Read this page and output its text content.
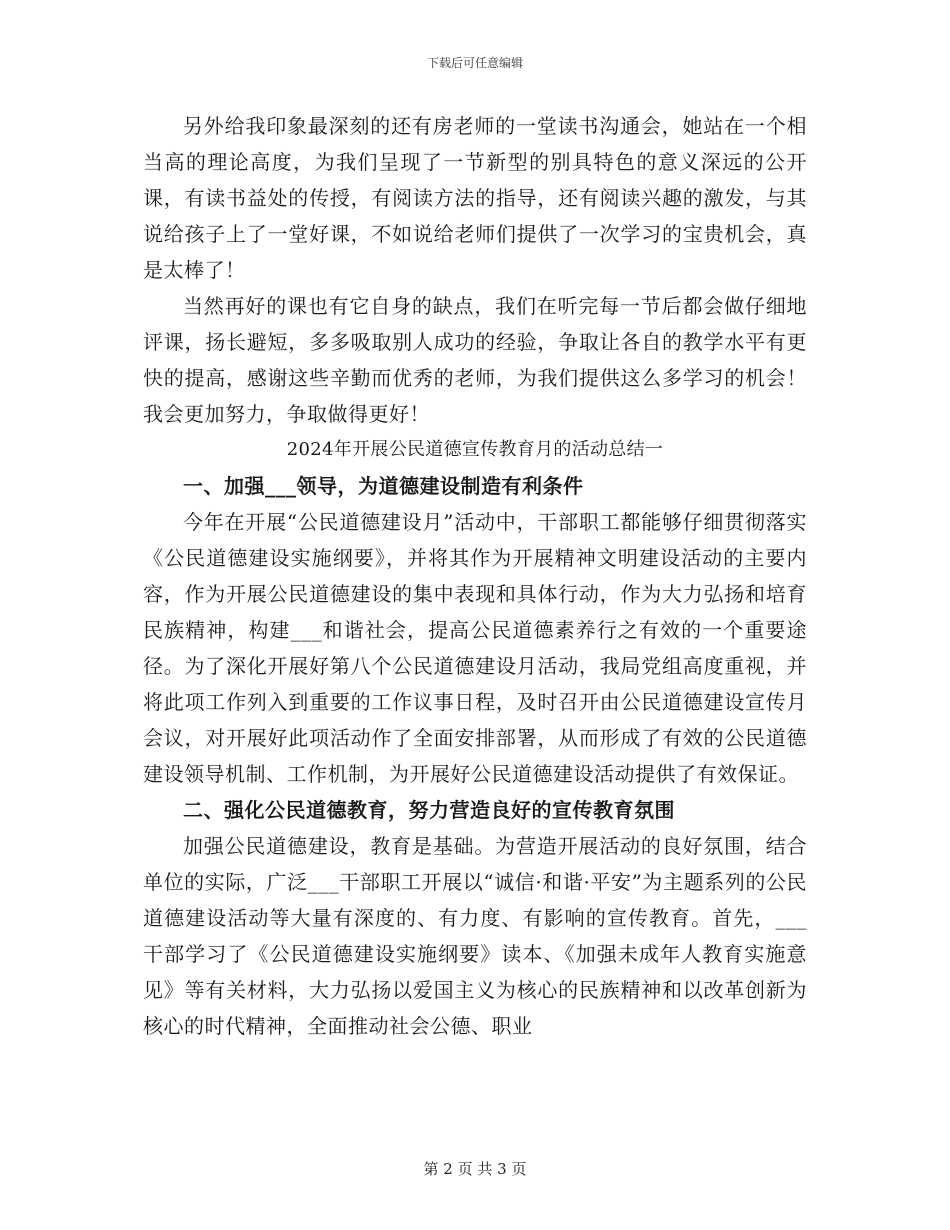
下载后可任意编辑

另外给我印象最深刻的还有房老师的一堂读书沟通会，她站在一个相当高的理论高度，为我们呈现了一节新型的别具特色的意义深远的公开课，有读书益处的传授，有阅读方法的指导，还有阅读兴趣的激发，与其说给孩子上了一堂好课，不如说给老师们提供了一次学习的宝贵机会，真是太棒了！

当然再好的课也有它自身的缺点，我们在听完每一节后都会做仔细地评课，扬长避短，多多吸取别人成功的经验，争取让各自的教学水平有更快的提高，感谢这些辛勤而优秀的老师，为我们提供这么多学习的机会！我会更加努力，争取做得更好！

2024年开展公民道德宣传教育月的活动总结一

一、加强___领导，为道德建设制造有利条件

今年在开展“公民道德建设月”活动中，干部职工都能够仔细贯彻落实《公民道德建设实施纲要》，并将其作为开展精神文明建设活动的主要内容，作为开展公民道德建设的集中表现和具体行动，作为大力弘扬和培育民族精神，构建___和谐社会，提高公民道德素养行之有效的一个重要途径。为了深化开展好第八个公民道德建设月活动，我局党组高度重视，并将此项工作列入到重要的工作议事日程，及时召开由公民道德建设宣传月会议，对开展好此项活动作了全面安排部署，从而形成了有效的公民道德建设领导机制、工作机制，为开展好公民道德建设活动提供了有效保证。

二、强化公民道德教育，努力营造良好的宣传教育氛围

加强公民道德建设，教育是基础。为营造开展活动的良好氛围，结合单位的实际，广泛___干部职工开展以“诚信·和谐·平安”为主题系列的公民道德建设活动等大量有深度的、有力度、有影响的宣传教育。首先，___干部学习了《公民道德建设实施纲要》读本、《加强未成年人教育实施意见》等有关材料，大力弘扬以爱国主义为核心的民族精神和以改革创新为核心的时代精神，全面推动社会公德、职业

第 2 页 共 3 页
